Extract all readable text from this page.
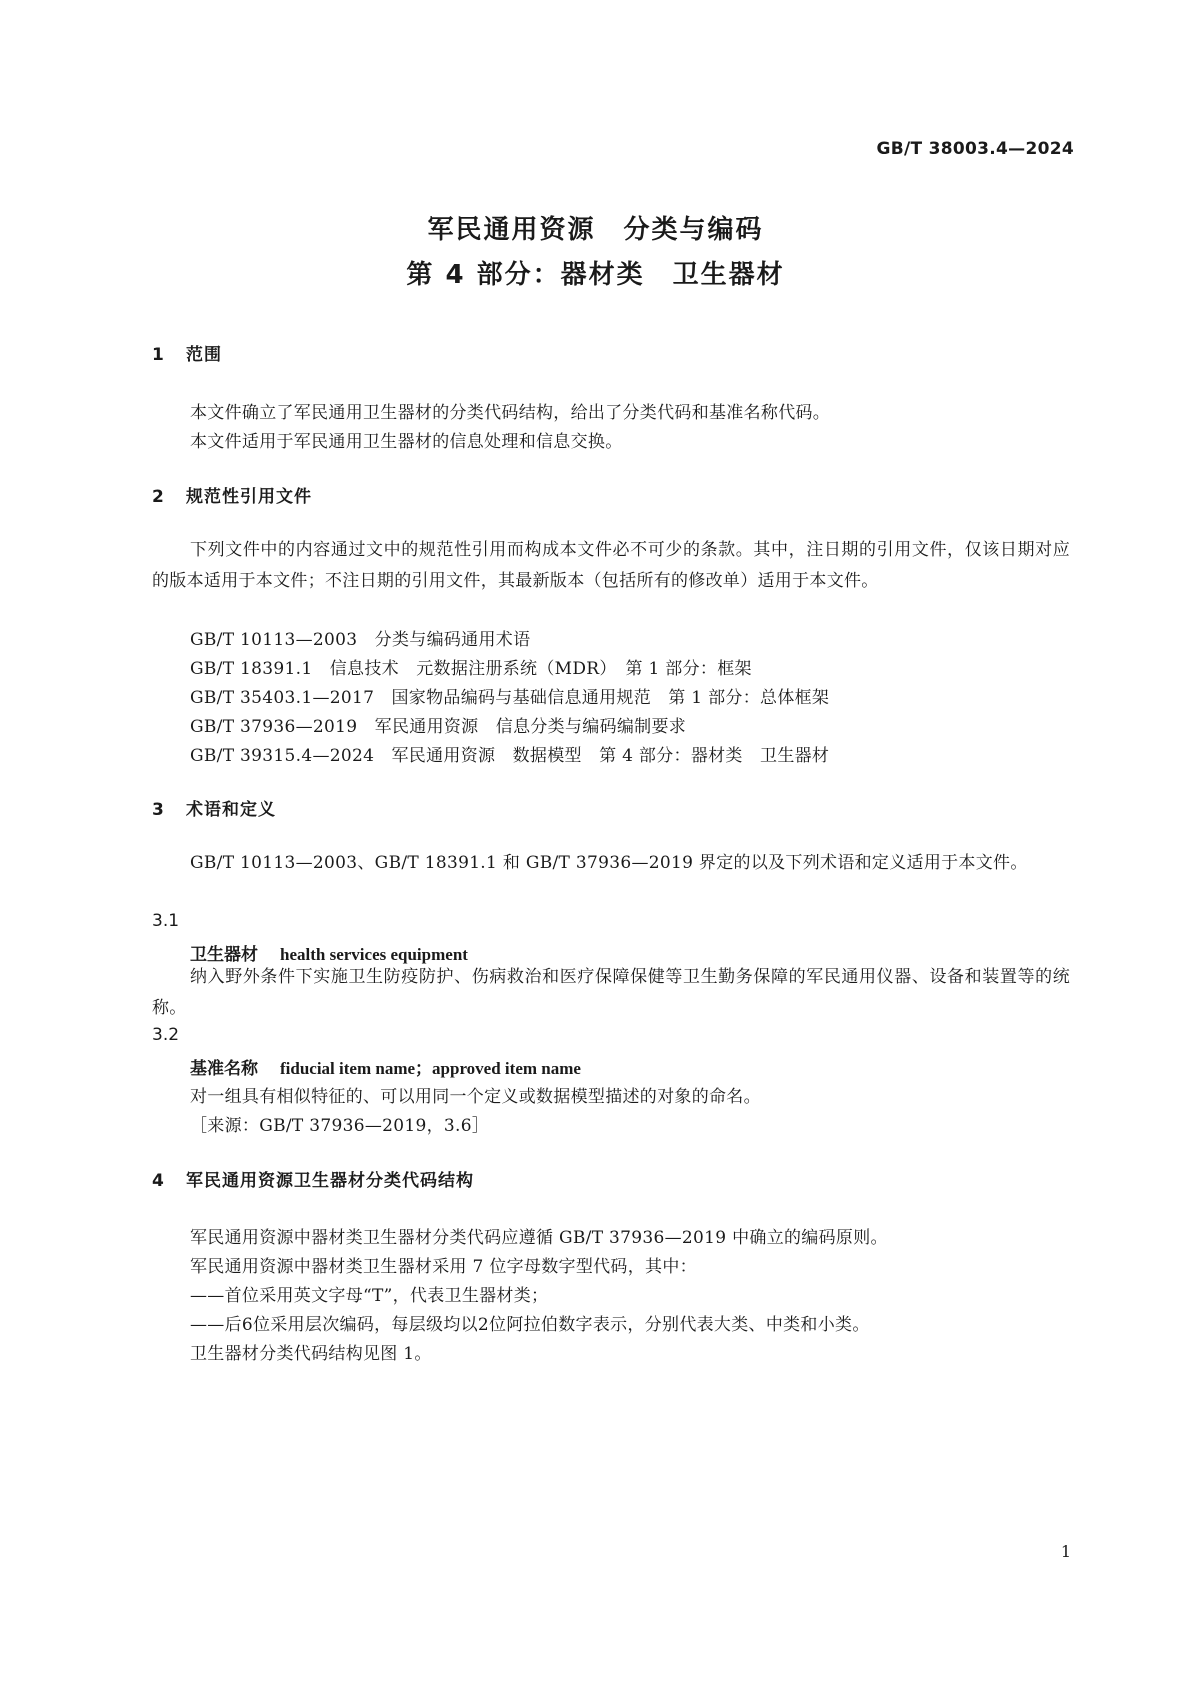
GB/T 38003.4—2024
军民通用资源　分类与编码
第 4 部分：器材类　卫生器材
1 范围
本文件确立了军民通用卫生器材的分类代码结构，给出了分类代码和基准名称代码。
本文件适用于军民通用卫生器材的信息处理和信息交换。
2 规范性引用文件
下列文件中的内容通过文中的规范性引用而构成本文件必不可少的条款。其中，注日期的引用文件，仅该日期对应的版本适用于本文件；不注日期的引用文件，其最新版本（包括所有的修改单）适用于本文件。
GB/T 10113—2003　分类与编码通用术语
GB/T 18391.1　信息技术　元数据注册系统（MDR）　第 1 部分：框架
GB/T 35403.1—2017　国家物品编码与基础信息通用规范　第 1 部分：总体框架
GB/T 37936—2019　军民通用资源　信息分类与编码编制要求
GB/T 39315.4—2024　军民通用资源　数据模型　第 4 部分：器材类　卫生器材
3 术语和定义
GB/T 10113—2003、GB/T 18391.1 和 GB/T 37936—2019 界定的以及下列术语和定义适用于本文件。
3.1
卫生器材 health services equipment
纳入野外条件下实施卫生防疫防护、伤病救治和医疗保障保健等卫生勤务保障的军民通用仪器、设备和装置等的统称。
3.2
基准名称 fiducial item name；approved item name
对一组具有相似特征的、可以用同一个定义或数据模型描述的对象的命名。
［来源：GB/T 37936—2019，3.6］
4 军民通用资源卫生器材分类代码结构
军民通用资源中器材类卫生器材分类代码应遵循 GB/T 37936—2019 中确立的编码原则。
军民通用资源中器材类卫生器材采用 7 位字母数字型代码，其中：
——首位采用英文字母“T”，代表卫生器材类；
——后6位采用层次编码，每层级均以2位阿拉伯数字表示，分别代表大类、中类和小类。
卫生器材分类代码结构见图 1。
1
